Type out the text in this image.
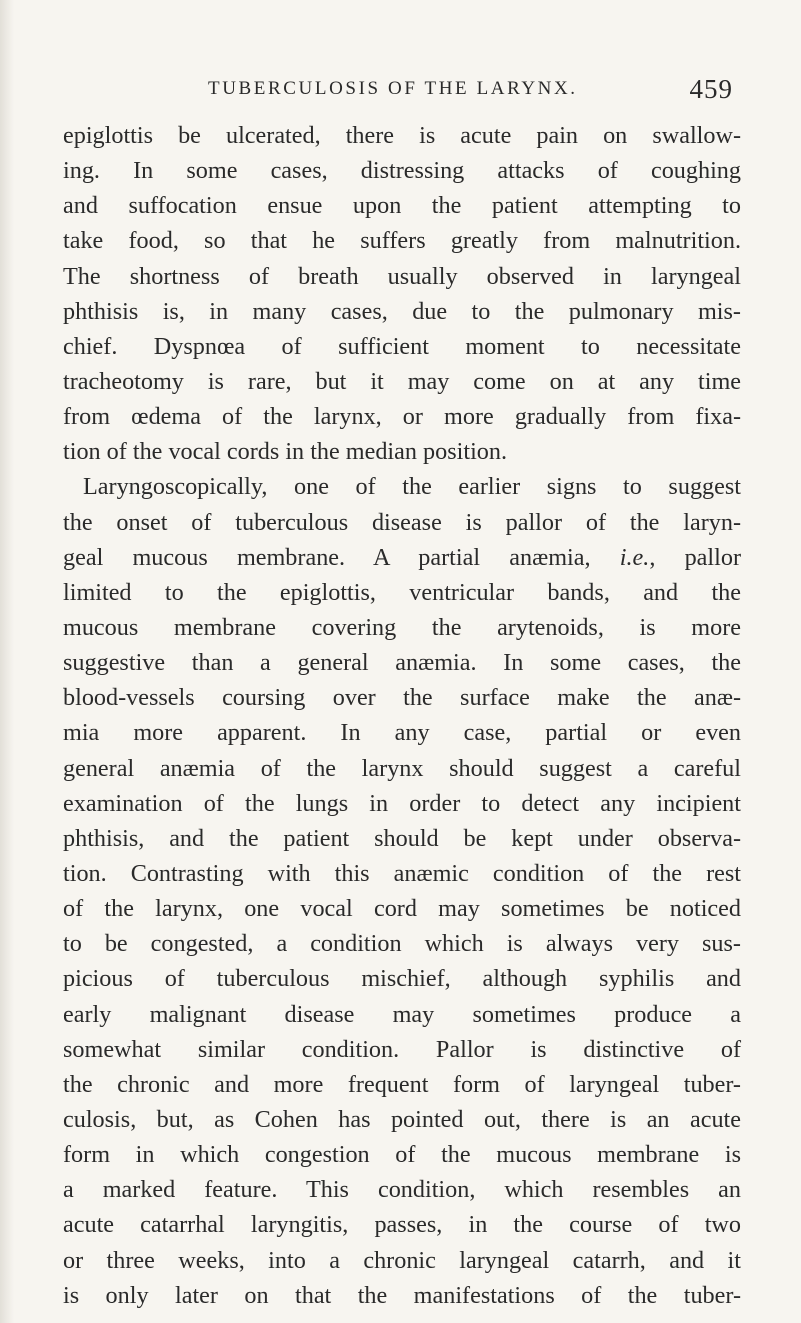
TUBERCULOSIS OF THE LARYNX.	459
epiglottis be ulcerated, there is acute pain on swallow-
ing. In some cases, distressing attacks of coughing
and suffocation ensue upon the patient attempting to
take food, so that he suffers greatly from malnutrition.
The shortness of breath usually observed in laryngeal
phthisis is, in many cases, due to the pulmonary mis-
chief. Dyspnœa of sufficient moment to necessitate
tracheotomy is rare, but it may come on at any time
from œdema of the larynx, or more gradually from fixa-
tion of the vocal cords in the median position.
Laryngoscopically, one of the earlier signs to suggest
the onset of tuberculous disease is pallor of the laryn-
geal mucous membrane. A partial anæmia, i.e., pallor
limited to the epiglottis, ventricular bands, and the
mucous membrane covering the arytenoids, is more
suggestive than a general anæmia. In some cases, the
blood-vessels coursing over the surface make the anæ-
mia more apparent. In any case, partial or even
general anæmia of the larynx should suggest a careful
examination of the lungs in order to detect any incipient
phthisis, and the patient should be kept under observa-
tion. Contrasting with this anæmic condition of the rest
of the larynx, one vocal cord may sometimes be noticed
to be congested, a condition which is always very sus-
picious of tuberculous mischief, although syphilis and
early malignant disease may sometimes produce a
somewhat similar condition. Pallor is distinctive of
the chronic and more frequent form of laryngeal tuber-
culosis, but, as Cohen has pointed out, there is an acute
form in which congestion of the mucous membrane is
a marked feature. This condition, which resembles an
acute catarrhal laryngitis, passes, in the course of two
or three weeks, into a chronic laryngeal catarrh, and it
is only later on that the manifestations of the tuber-
